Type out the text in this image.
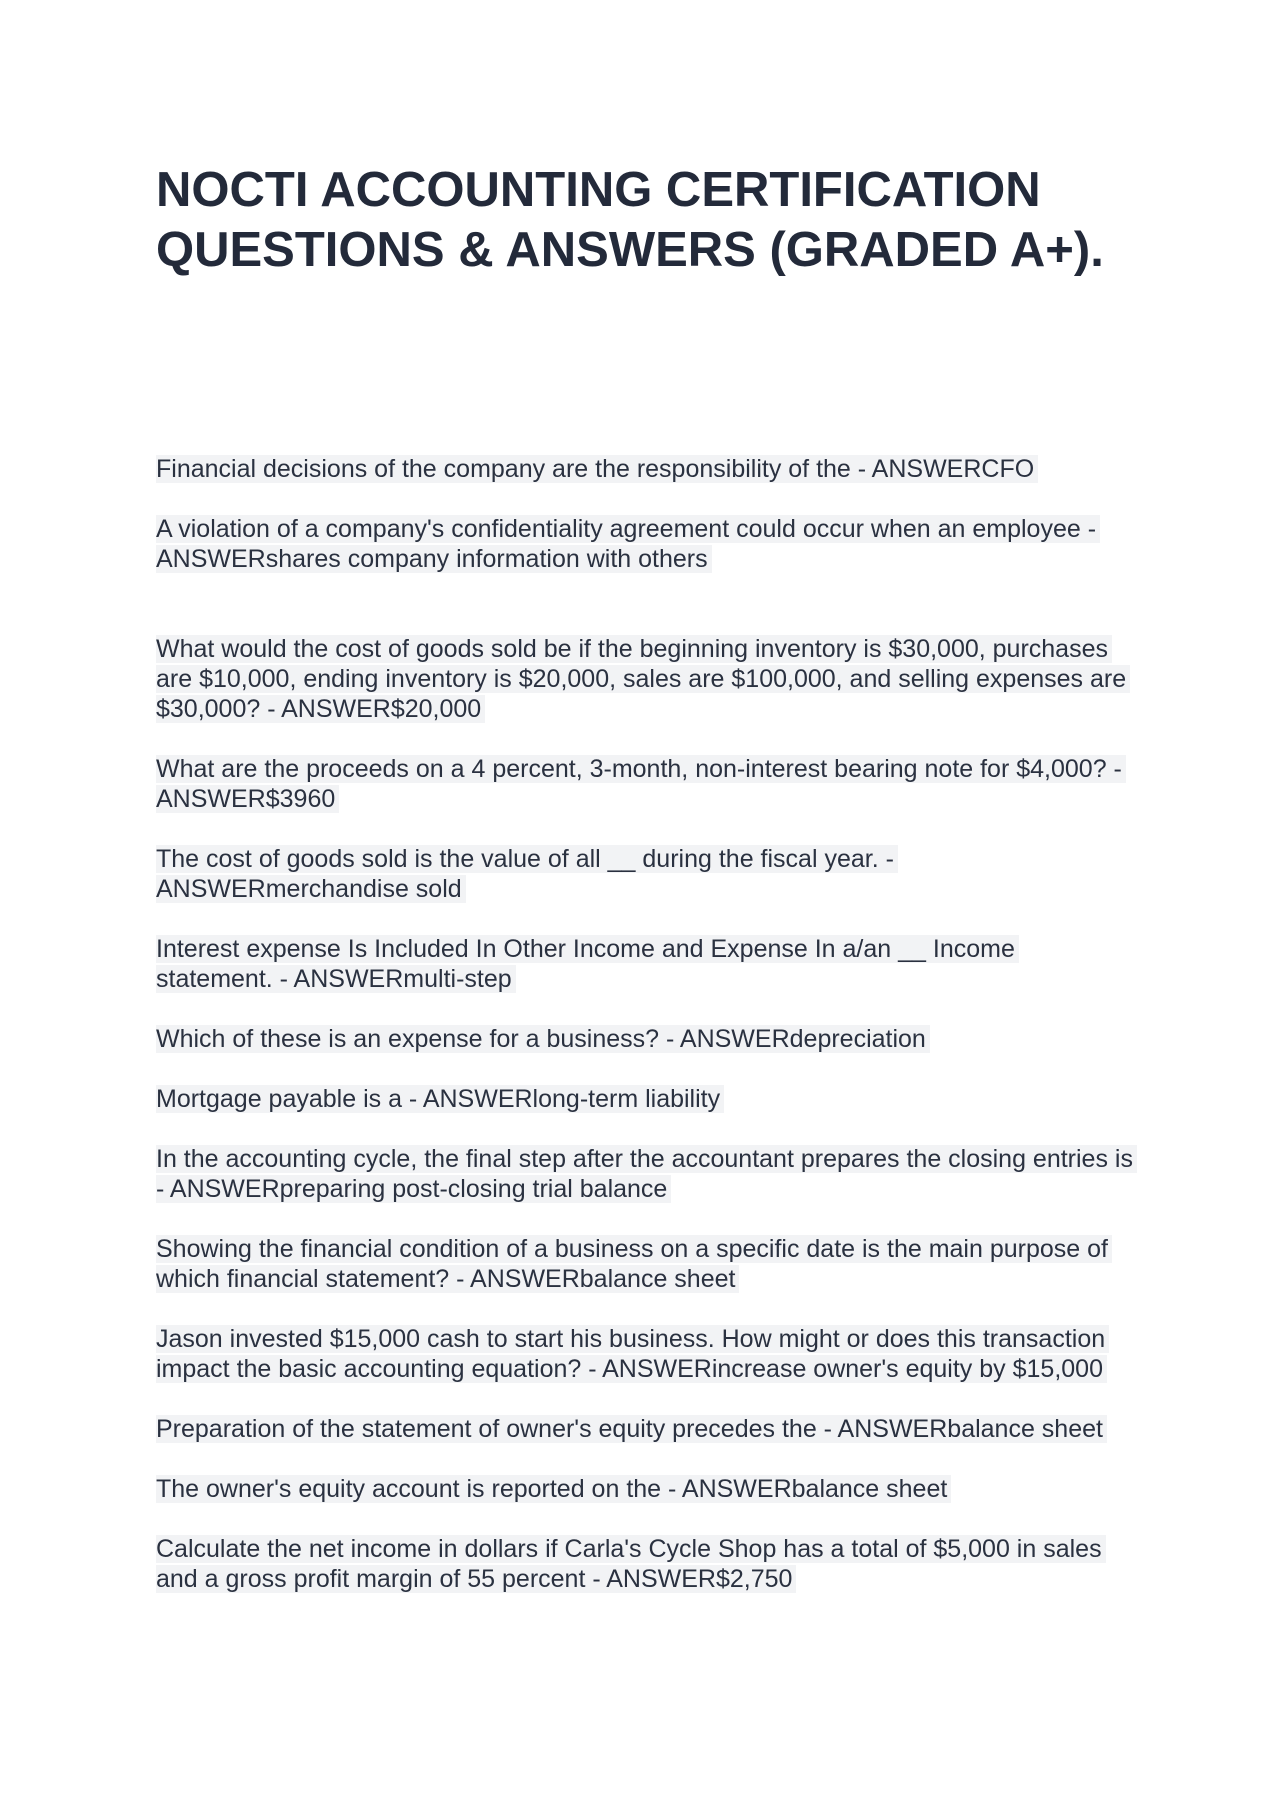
NOCTI ACCOUNTING CERTIFICATION QUESTIONS & ANSWERS (GRADED A+).

Financial decisions of the company are the responsibility of the - ANSWERCFO

A violation of a company's confidentiality agreement could occur when an employee - ANSWERshares company information with others

What would the cost of goods sold be if the beginning inventory is $30,000, purchases are $10,000, ending inventory is $20,000, sales are $100,000, and selling expenses are $30,000? - ANSWER$20,000

What are the proceeds on a 4 percent, 3-month, non-interest bearing note for $4,000? - ANSWER$3960

The cost of goods sold is the value of all __ during the fiscal year. - ANSWERmerchandise sold

Interest expense Is Included In Other Income and Expense In a/an __ Income statement. - ANSWERmulti-step

Which of these is an expense for a business? - ANSWERdepreciation

Mortgage payable is a - ANSWERlong-term liability

In the accounting cycle, the final step after the accountant prepares the closing entries is - ANSWERpreparing post-closing trial balance

Showing the financial condition of a business on a specific date is the main purpose of which financial statement? - ANSWERbalance sheet

Jason invested $15,000 cash to start his business. How might or does this transaction impact the basic accounting equation? - ANSWERincrease owner's equity by $15,000

Preparation of the statement of owner's equity precedes the - ANSWERbalance sheet

The owner's equity account is reported on the - ANSWERbalance sheet

Calculate the net income in dollars if Carla's Cycle Shop has a total of $5,000 in sales and a gross profit margin of 55 percent - ANSWER$2,750
